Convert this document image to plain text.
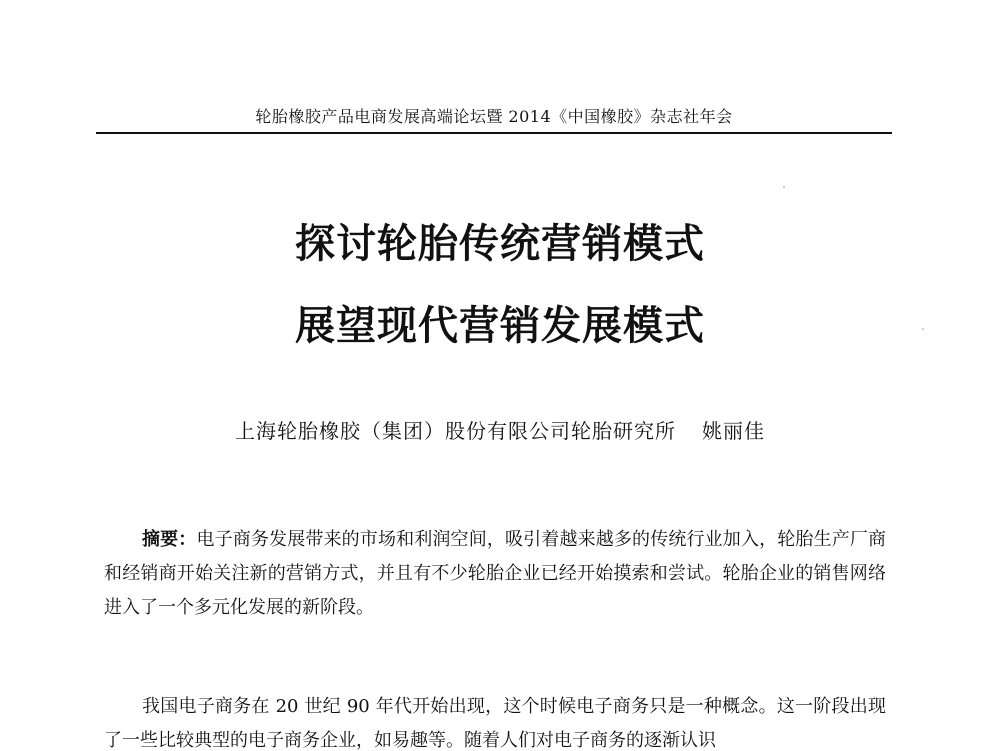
轮胎橡胶产品电商发展高端论坛暨 2014《中国橡胶》杂志社年会
探讨轮胎传统营销模式
展望现代营销发展模式
上海轮胎橡胶（集团）股份有限公司轮胎研究所 姚丽佳

摘要：电子商务发展带来的市场和利润空间，吸引着越来越多的传统行业加入，轮胎生产厂商和经销商开始关注新的营销方式，并且有不少轮胎企业已经开始摸索和尝试。轮胎企业的销售网络进入了一个多元化发展的新阶段。

我国电子商务在 20 世纪 90 年代开始出现，这个时候电子商务只是一种概念。这一阶段出现了一些比较典型的电子商务企业，如易趣等。随着人们对电子商务的逐渐认识
